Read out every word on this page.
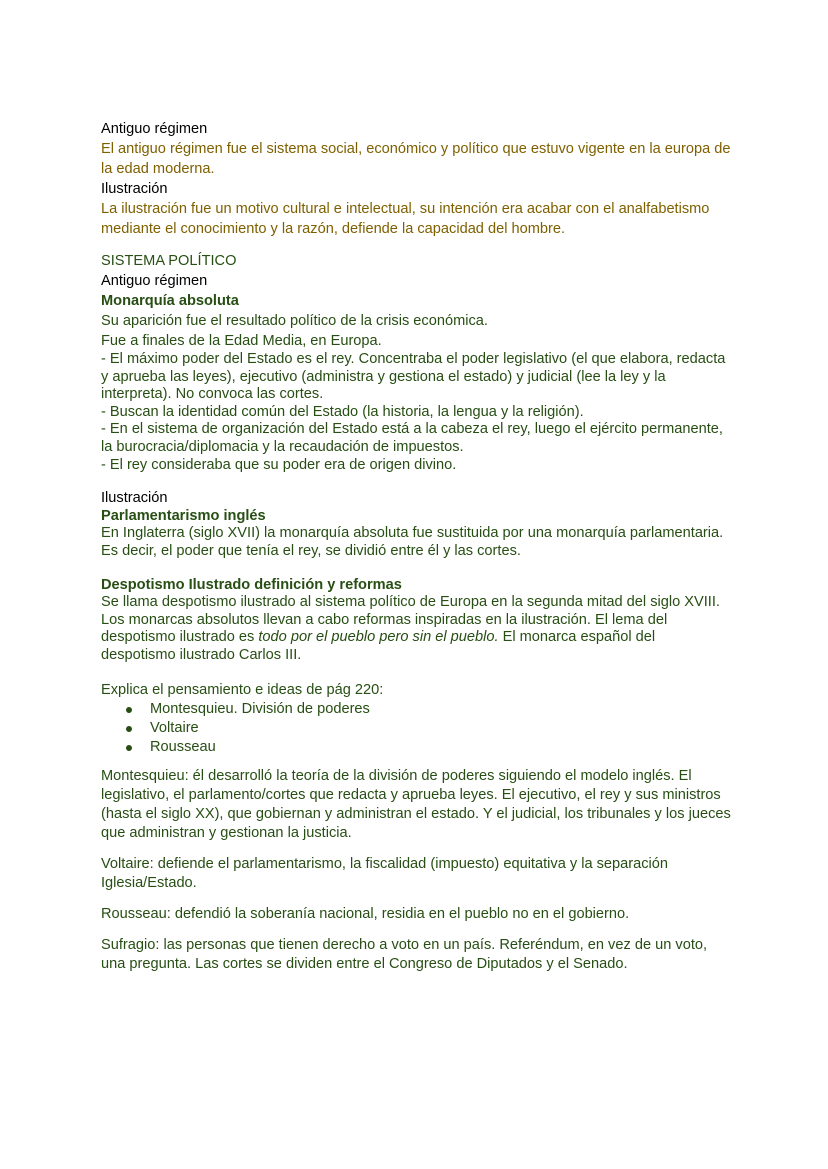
Antiguo régimen

El antiguo régimen fue el sistema social, económico y político que estuvo vigente en la europa de la edad moderna.

Ilustración

La ilustración fue un motivo cultural e intelectual, su intención era acabar con el analfabetismo mediante el conocimiento y la razón, defiende la capacidad del hombre.

SISTEMA POLÍTICO

Antiguo régimen

Monarquía absoluta

Su aparición fue el resultado político de la crisis económica.

Fue a finales de la Edad Media, en Europa.

- El máximo poder del Estado es el rey. Concentraba el poder legislativo (el que elabora, redacta y aprueba las leyes), ejecutivo (administra y gestiona el estado) y judicial (lee la ley y la interpreta). No convoca las cortes.

- Buscan la identidad común del Estado (la historia, la lengua y la religión).

- En el sistema de organización del Estado está a la cabeza el rey, luego el ejército permanente, la burocracia/diplomacia y la recaudación de impuestos.

- El rey consideraba que su poder era de origen divino.

Ilustración

Parlamentarismo inglés

En Inglaterra (siglo XVII) la monarquía absoluta fue sustituida por una monarquía parlamentaria. Es decir, el poder que tenía el rey, se dividió entre él y las cortes.

Despotismo Ilustrado definición y reformas

Se llama despotismo ilustrado al sistema político de Europa en la segunda mitad del siglo XVIII. Los monarcas absolutos llevan a cabo reformas inspiradas en la ilustración. El lema del despotismo ilustrado es todo por el pueblo pero sin el pueblo. El monarca español del despotismo ilustrado Carlos III.

Explica el pensamiento e ideas de pág 220:

Montesquieu. División de poderes
Voltaire
Rousseau

Montesquieu: él desarrolló la teoría de la división de poderes siguiendo el modelo inglés. El legislativo, el parlamento/cortes que redacta y aprueba leyes. El ejecutivo, el rey y sus ministros (hasta el siglo XX), que gobiernan y administran el estado. Y el judicial, los tribunales y los jueces que administran y gestionan la justicia.

Voltaire: defiende el parlamentarismo, la fiscalidad (impuesto) equitativa y la separación Iglesia/Estado.

Rousseau: defendió la soberanía nacional, residia en el pueblo no en el gobierno.

Sufragio: las personas que tienen derecho a voto en un país. Referéndum, en vez de un voto, una pregunta. Las cortes se dividen entre el Congreso de Diputados y el Senado.
